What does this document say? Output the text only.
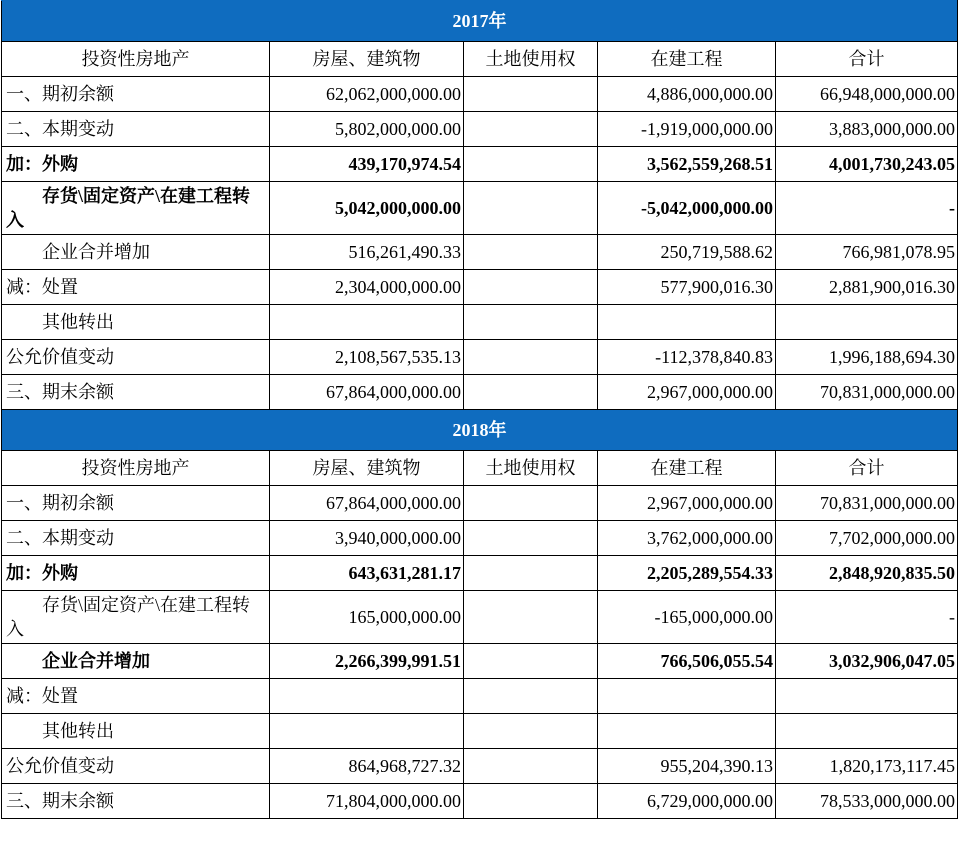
2017年				
投资性房地产	房屋、建筑物	土地使用权	在建工程	合计
一、期初余额	62,062,000,000.00		4,886,000,000.00	66,948,000,000.00
二、本期变动	5,802,000,000.00		-1,919,000,000.00	3,883,000,000.00
加：外购	439,170,974.54		3,562,559,268.51	4,001,730,243.05
　　存货\固定资产\在建工程转入	5,042,000,000.00		-5,042,000,000.00	-
　　企业合并增加	516,261,490.33		250,719,588.62	766,981,078.95
减：处置	2,304,000,000.00		577,900,016.30	2,881,900,016.30
　　其他转出				
公允价值变动	2,108,567,535.13		-112,378,840.83	1,996,188,694.30
三、期末余额	67,864,000,000.00		2,967,000,000.00	70,831,000,000.00
2018年				
投资性房地产	房屋、建筑物	土地使用权	在建工程	合计
一、期初余额	67,864,000,000.00		2,967,000,000.00	70,831,000,000.00
二、本期变动	3,940,000,000.00		3,762,000,000.00	7,702,000,000.00
加：外购	643,631,281.17		2,205,289,554.33	2,848,920,835.50
　　存货\固定资产\在建工程转入	165,000,000.00		-165,000,000.00	-
　　企业合并增加	2,266,399,991.51		766,506,055.54	3,032,906,047.05
减：处置				
　　其他转出				
公允价值变动	864,968,727.32		955,204,390.13	1,820,173,117.45
三、期末余额	71,804,000,000.00		6,729,000,000.00	78,533,000,000.00
